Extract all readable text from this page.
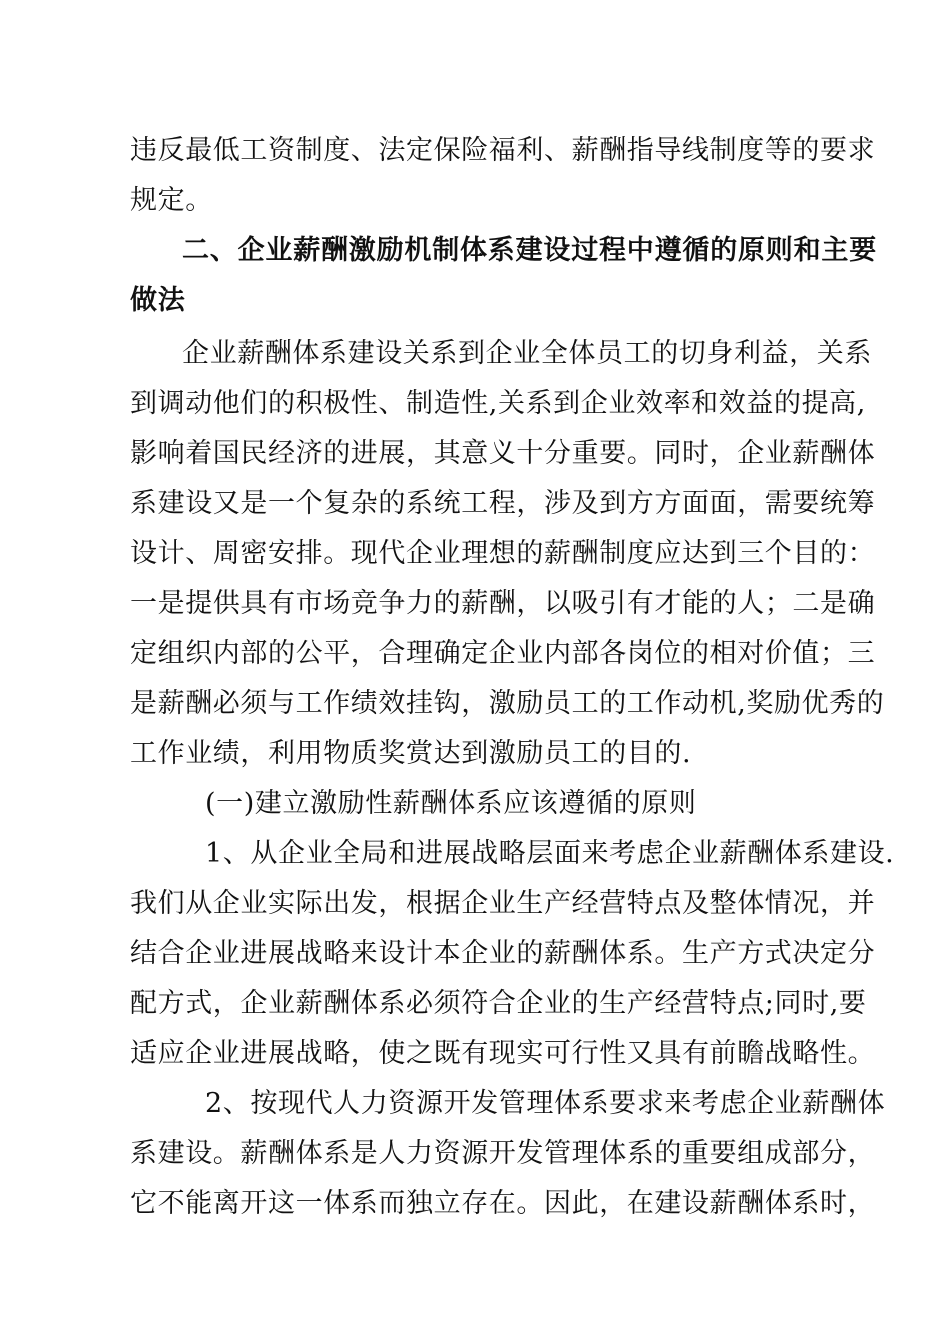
违反最低工资制度、法定保险福利、薪酬指导线制度等的要求
规定。
二、企业薪酬激励机制体系建设过程中遵循的原则和主要
做法
企业薪酬体系建设关系到企业全体员工的切身利益，关系
到调动他们的积极性、制造性,关系到企业效率和效益的提高,
影响着国民经济的进展，其意义十分重要。同时，企业薪酬体
系建设又是一个复杂的系统工程，涉及到方方面面，需要统筹
设计、周密安排。现代企业理想的薪酬制度应达到三个目的：
一是提供具有市场竞争力的薪酬，以吸引有才能的人；二是确
定组织内部的公平，合理确定企业内部各岗位的相对价值；三
是薪酬必须与工作绩效挂钩，激励员工的工作动机,奖励优秀的
工作业绩，利用物质奖赏达到激励员工的目的.
(一)建立激励性薪酬体系应该遵循的原则
1、从企业全局和进展战略层面来考虑企业薪酬体系建设.
我们从企业实际出发，根据企业生产经营特点及整体情况，并
结合企业进展战略来设计本企业的薪酬体系。生产方式决定分
配方式，企业薪酬体系必须符合企业的生产经营特点;同时,要
适应企业进展战略，使之既有现实可行性又具有前瞻战略性。
2、按现代人力资源开发管理体系要求来考虑企业薪酬体
系建设。薪酬体系是人力资源开发管理体系的重要组成部分，
它不能离开这一体系而独立存在。因此，在建设薪酬体系时，
